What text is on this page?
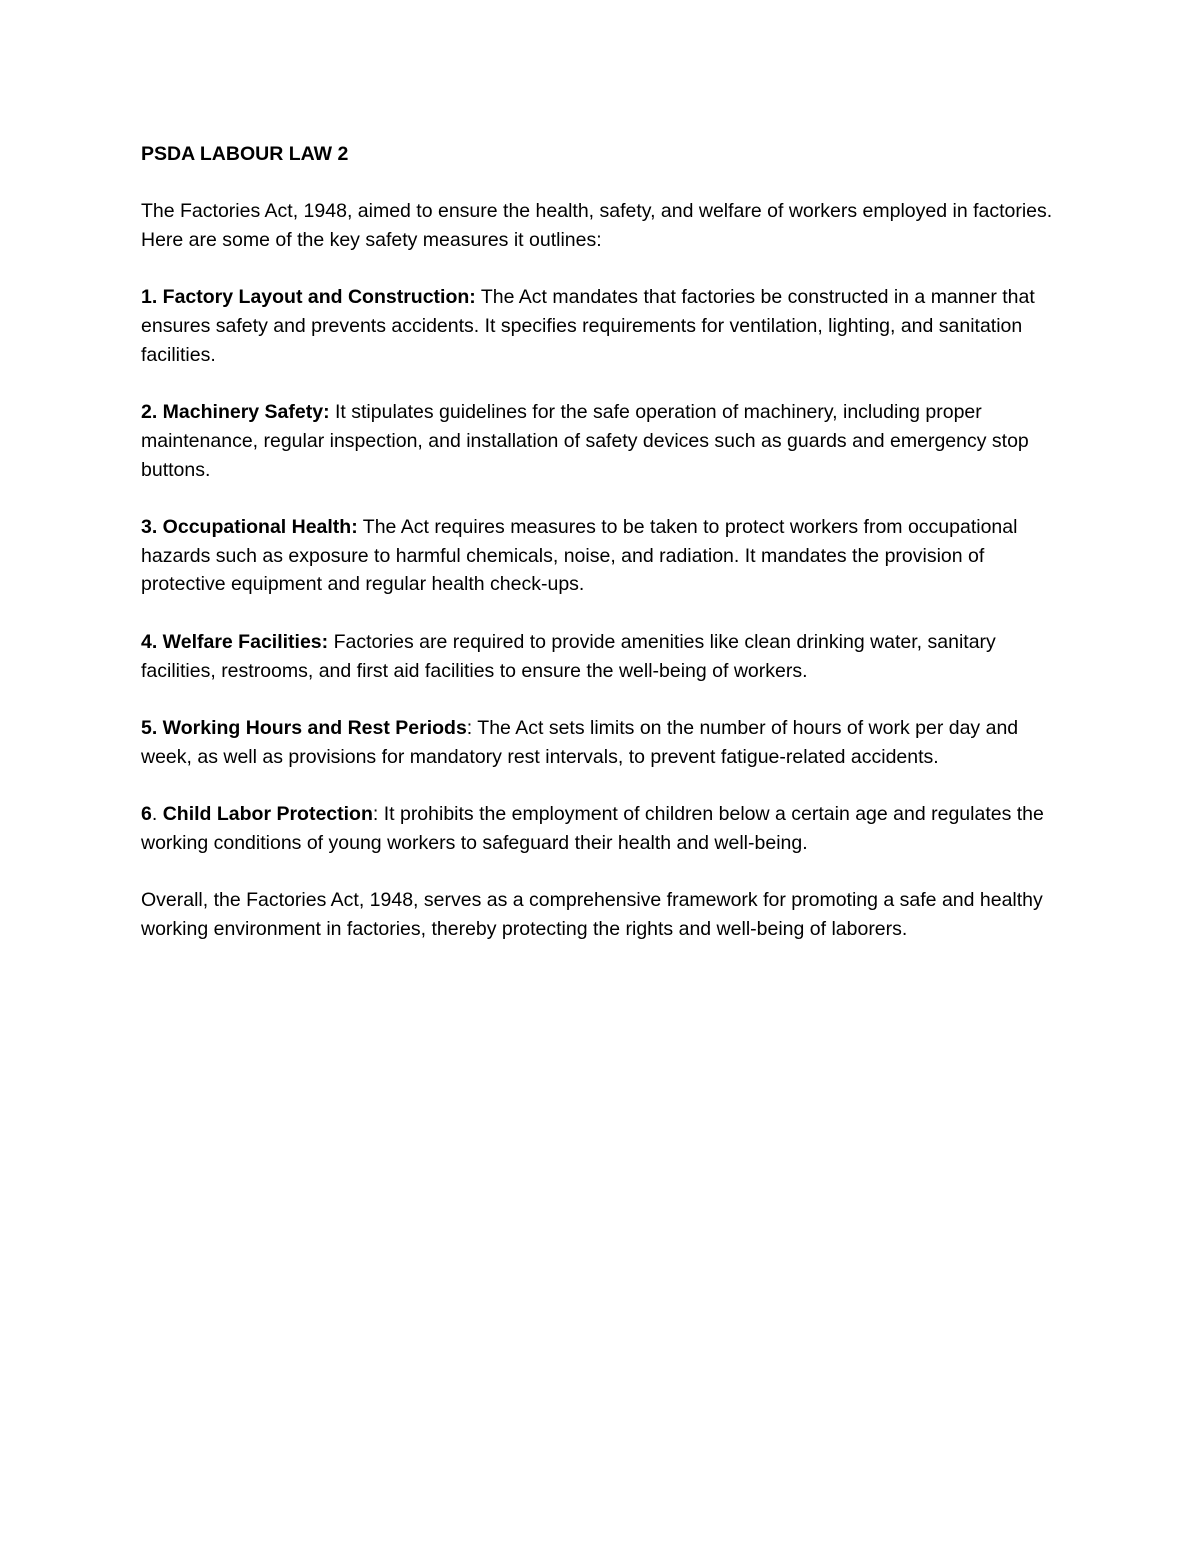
PSDA LABOUR LAW 2

The Factories Act, 1948, aimed to ensure the health, safety, and welfare of workers employed in factories. Here are some of the key safety measures it outlines:

1. Factory Layout and Construction: The Act mandates that factories be constructed in a manner that ensures safety and prevents accidents. It specifies requirements for ventilation, lighting, and sanitation facilities.

2. Machinery Safety: It stipulates guidelines for the safe operation of machinery, including proper maintenance, regular inspection, and installation of safety devices such as guards and emergency stop buttons.

3. Occupational Health: The Act requires measures to be taken to protect workers from occupational hazards such as exposure to harmful chemicals, noise, and radiation. It mandates the provision of protective equipment and regular health check-ups.

4. Welfare Facilities: Factories are required to provide amenities like clean drinking water, sanitary facilities, restrooms, and first aid facilities to ensure the well-being of workers.

5. Working Hours and Rest Periods: The Act sets limits on the number of hours of work per day and week, as well as provisions for mandatory rest intervals, to prevent fatigue-related accidents.

6. Child Labor Protection: It prohibits the employment of children below a certain age and regulates the working conditions of young workers to safeguard their health and well-being.

Overall, the Factories Act, 1948, serves as a comprehensive framework for promoting a safe and healthy working environment in factories, thereby protecting the rights and well-being of laborers.
